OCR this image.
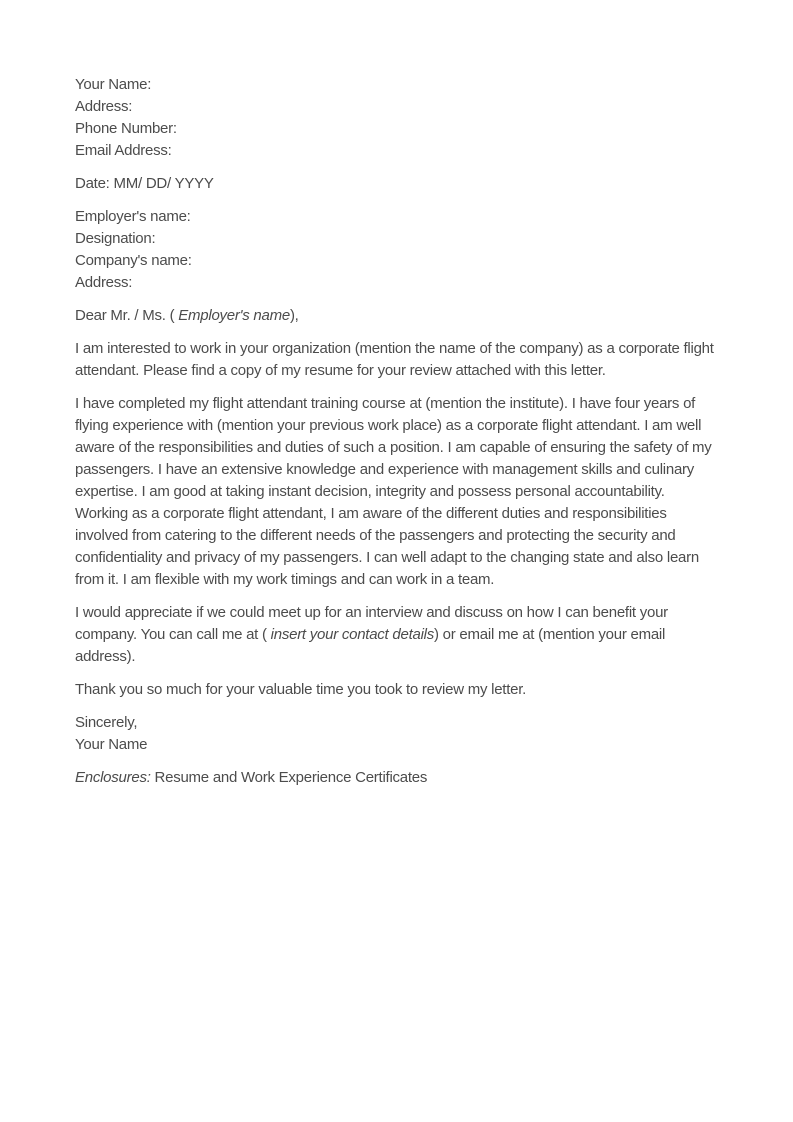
Your Name:
Address:
Phone Number:
Email Address:

Date: MM/ DD/ YYYY

Employer's name:
Designation:
Company's name:
Address:

Dear Mr. / Ms. ( Employer's name),

I am interested to work in your organization (mention the name of the company) as a corporate flight attendant. Please find a copy of my resume for your review attached with this letter.

I have completed my flight attendant training course at (mention the institute). I have four years of flying experience with (mention your previous work place) as a corporate flight attendant. I am well aware of the responsibilities and duties of such a position. I am capable of ensuring the safety of my passengers. I have an extensive knowledge and experience with management skills and culinary expertise. I am good at taking instant decision, integrity and possess personal accountability. Working as a corporate flight attendant, I am aware of the different duties and responsibilities involved from catering to the different needs of the passengers and protecting the security and confidentiality and privacy of my passengers. I can well adapt to the changing state and also learn from it. I am flexible with my work timings and can work in a team.

I would appreciate if we could meet up for an interview and discuss on how I can benefit your company. You can call me at ( insert your contact details) or email me at (mention your email address).

Thank you so much for your valuable time you took to review my letter.

Sincerely,
Your Name

Enclosures: Resume and Work Experience Certificates
